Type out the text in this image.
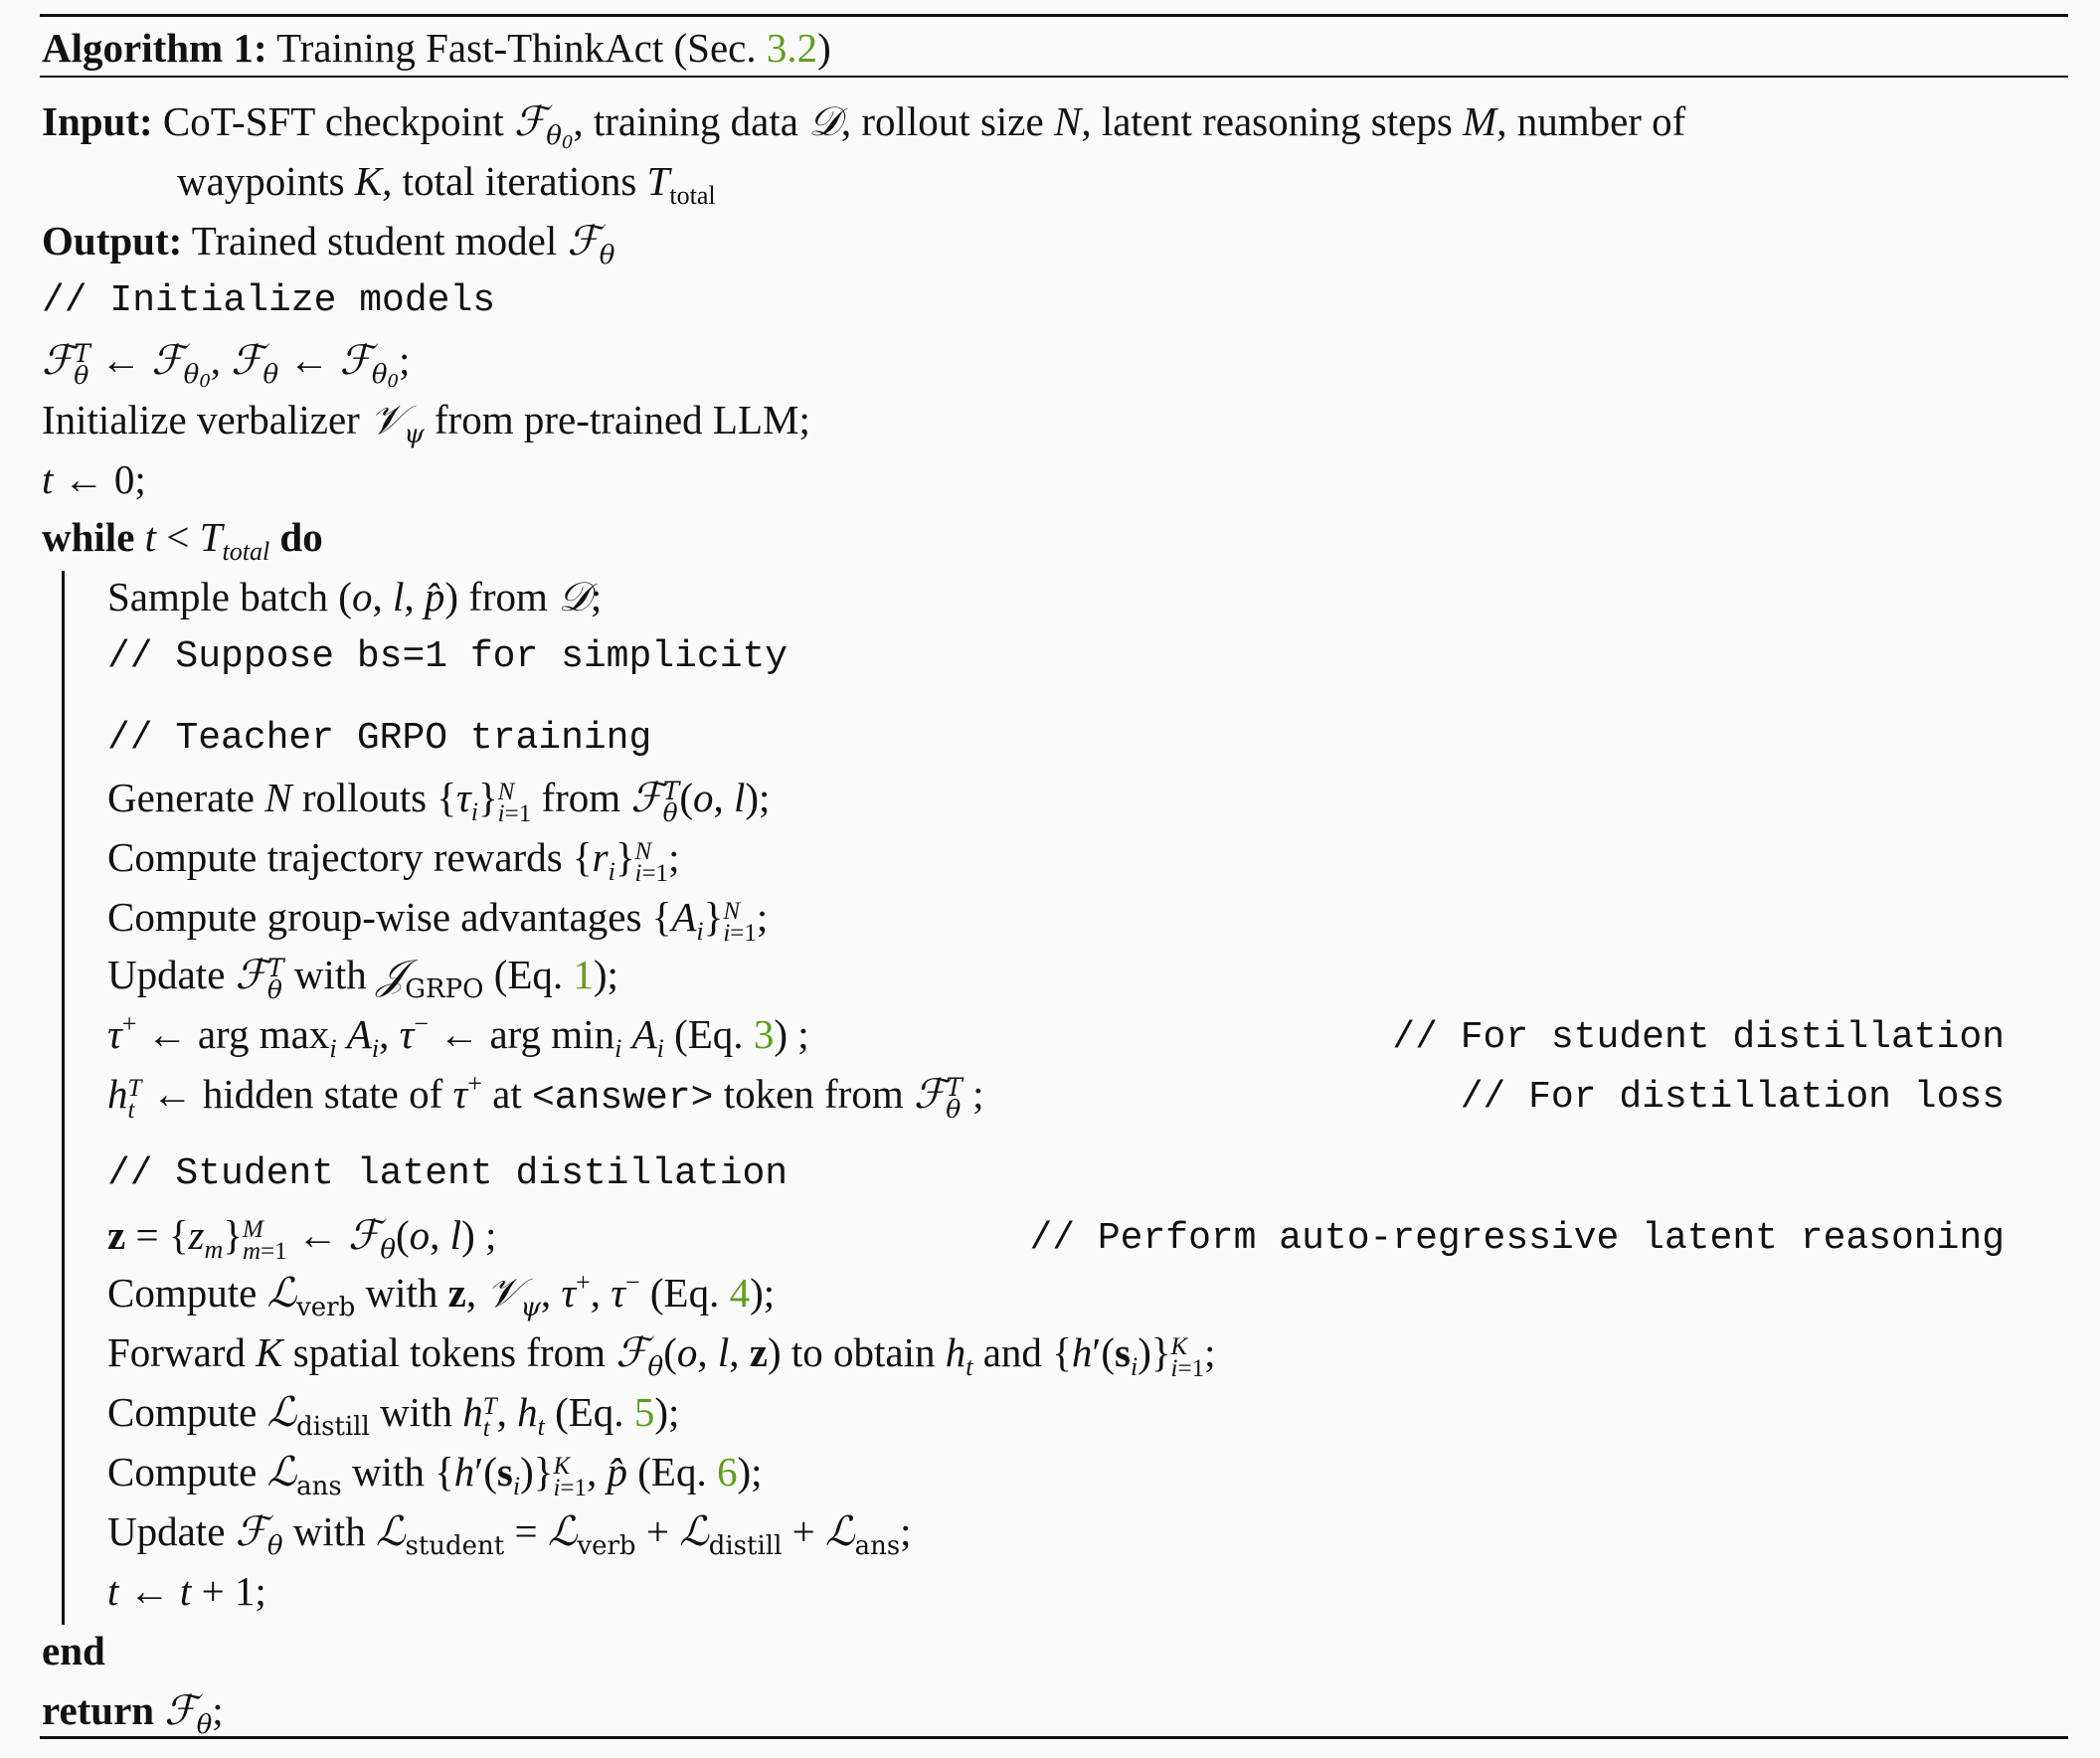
Algorithm 1: Training Fast-ThinkAct (Sec. 3.2)
Input: CoT-SFT checkpoint ℱ$_{\theta_0}$, training data 𝒟, rollout size N, latent reasoning steps M, number of
waypoints K, total iterations $T_{total}$
Output: Trained student model ℱ$_\theta$
// Initialize models
ℱ T
θ ← ℱ$_{\theta_0}$, ℱ$_\theta$ ← ℱ$_{\theta_0}$;
Initialize verbalizer 𝒱$_\psi$ from pre-trained LLM;
t ← 0;
while $t < T_{total}$ do
Sample batch (o, l, p̂) from 𝒟;
// Suppose bs=1 for simplicity
// Teacher GRPO training
Generate N rollouts $\{\tau_i\}$ N
i=1 from ℱ T
θ (o, l);
Compute trajectory rewards $\{r_i\}$ N
i=1 ;
Compute group-wise advantages $\{A_i\}$ N
i=1 ;
Update ℱ T
θ with 𝒥$_{GRPO}$ (Eq. 1);
τ+ ← arg $\max_i A_i$, τ− ← arg $\min_i A_i$ (Eq. 3) ;	// For student distillation
h T
t ← hidden state of τ+ at <answer> token from ℱ T
θ ;	// For distillation loss
// Student latent distillation
$z = \{z_m\}$ M
m=1 ← ℱ$_\theta$(o, l) ;	// Perform auto-regressive latent reasoning
Compute ℒ$_{verb}$ with z, 𝒱$_\psi$, τ+, τ− (Eq. 4);
Forward K spatial tokens from ℱ$_\theta$(o, l, z) to obtain $h_t$ and $\{h'(s_i)\}$ K
i=1 ;
Compute ℒ$_{distill}$ with h T
t , $h_t$ (Eq. 5);
Compute ℒ$_{ans}$ with $\{h'(s_i)\}$ K
i=1 , p̂ (Eq. 6);
Update ℱ$_\theta$ with ℒ$_{student}$ = ℒ$_{verb}$ + ℒ$_{distill}$ + ℒ$_{ans}$;
t ← t + 1;
end
return ℱ$_\theta$;
